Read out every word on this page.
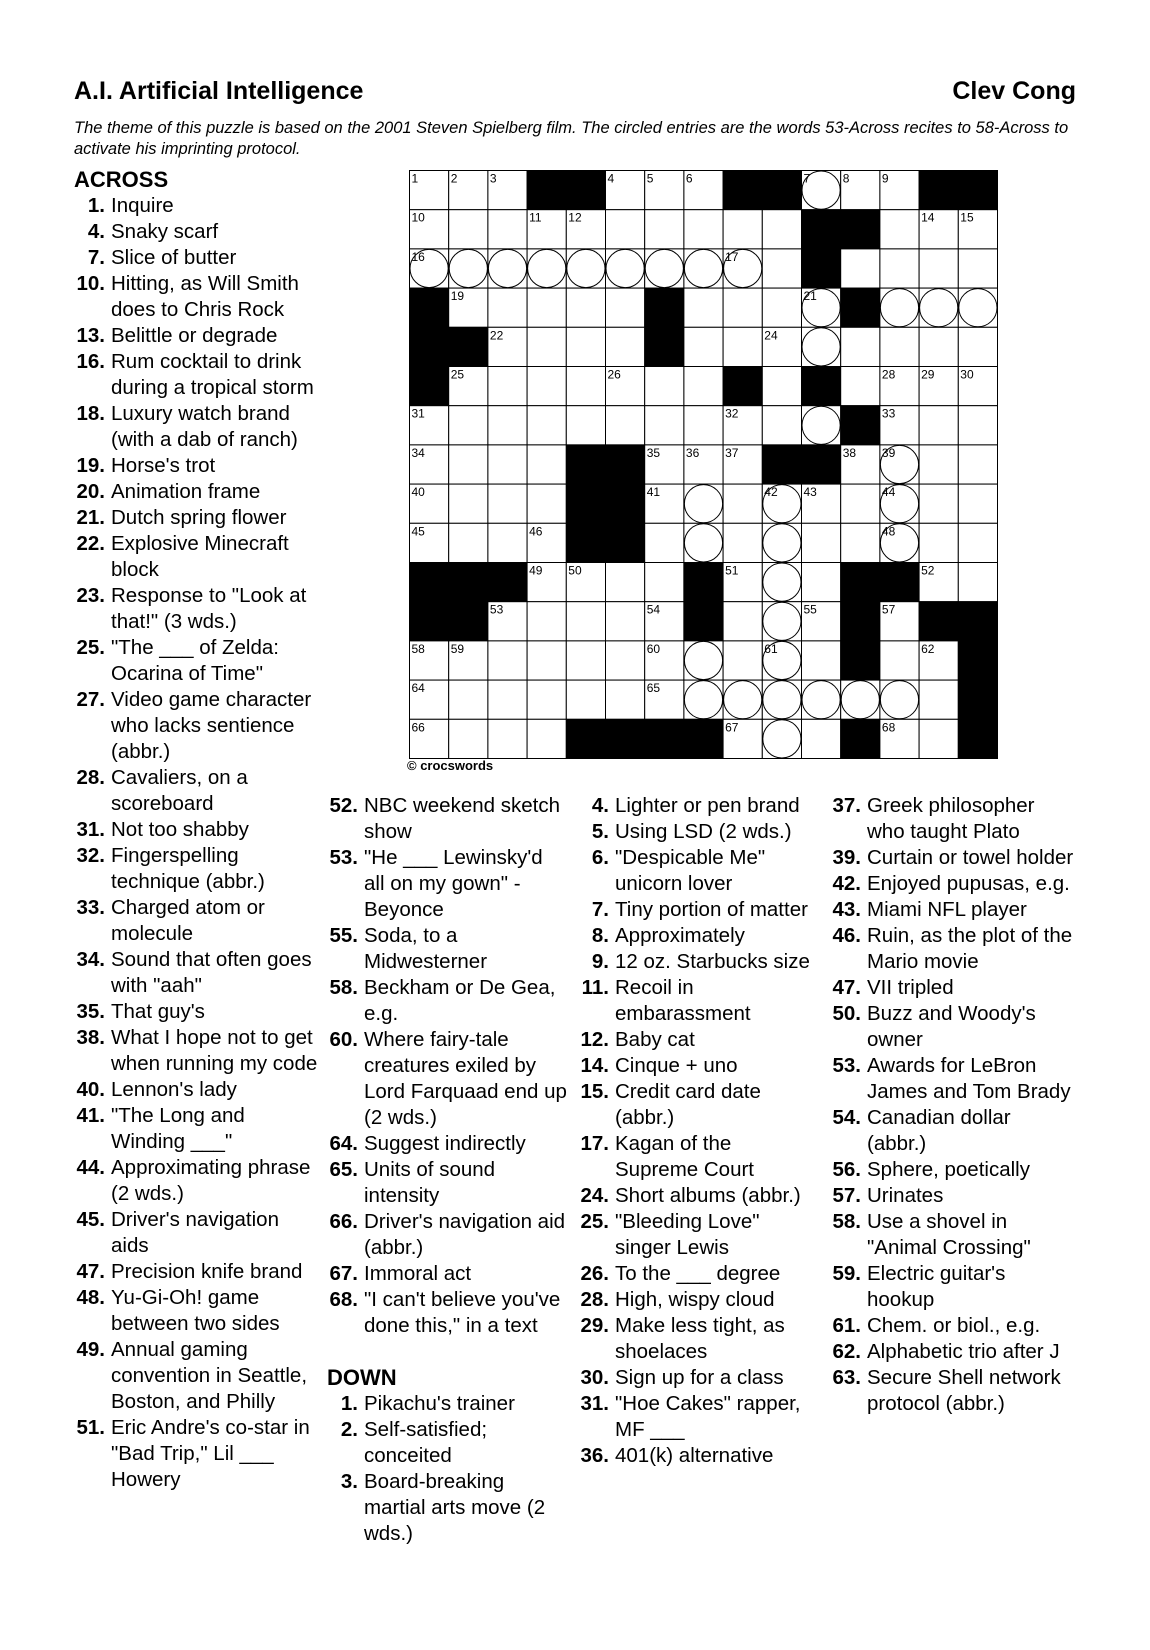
A.I. Artificial Intelligence	Clev Cong
The theme of this puzzle is based on the 2001 Steven Spielberg film. The circled entries are the words 53-Across recites to 58-Across to activate his imprinting protocol.
1	2	3	4	5	6	7	8	9
10	11 12	14 15
16	17
19	21
22	24
25	26	28 29 30
31	32	33
34	35 36 37	38 39
40	41	42 43	44
45	46	48
49 50	51	52
53	54	55	57
58 59	60	61	62
64	65
66	67	68
© crocswords
ACROSS
1. Inquire
4. Snaky scarf
7. Slice of butter
10. Hitting, as Will Smith does to Chris Rock
13. Belittle or degrade
16. Rum cocktail to drink during a tropical storm
18. Luxury watch brand (with a dab of ranch)
19. Horse's trot
20. Animation frame
21. Dutch spring flower
22. Explosive Minecraft block
23. Response to "Look at that!" (3 wds.)
25. "The ___ of Zelda: Ocarina of Time"
27. Video game character who lacks sentience (abbr.)
28. Cavaliers, on a scoreboard
31. Not too shabby
32. Fingerspelling technique (abbr.)
33. Charged atom or molecule
34. Sound that often goes with "aah"
35. That guy's
38. What I hope not to get when running my code
40. Lennon's lady
41. "The Long and Winding ___"
44. Approximating phrase (2 wds.)
45. Driver's navigation aids
47. Precision knife brand
48. Yu-Gi-Oh! game between two sides
49. Annual gaming convention in Seattle, Boston, and Philly
51. Eric Andre's co-star in "Bad Trip," Lil ___ Howery
52. NBC weekend sketch show
53. "He ___ Lewinsky'd all on my gown" - Beyonce
55. Soda, to a Midwesterner
58. Beckham or De Gea, e.g.
60. Where fairy-tale creatures exiled by Lord Farquaad end up (2 wds.)
64. Suggest indirectly
65. Units of sound intensity
66. Driver's navigation aid (abbr.)
67. Immoral act
68. "I can't believe you've done this," in a text
DOWN
1. Pikachu's trainer
2. Self-satisfied; conceited
3. Board-breaking martial arts move (2 wds.)
4. Lighter or pen brand
5. Using LSD (2 wds.)
6. "Despicable Me" unicorn lover
7. Tiny portion of matter
8. Approximately
9. 12 oz. Starbucks size
11. Recoil in embarassment
12. Baby cat
14. Cinque + uno
15. Credit card date (abbr.)
17. Kagan of the Supreme Court
24. Short albums (abbr.)
25. "Bleeding Love" singer Lewis
26. To the ___ degree
28. High, wispy cloud
29. Make less tight, as shoelaces
30. Sign up for a class
31. "Hoe Cakes" rapper, MF ___
36. 401(k) alternative
37. Greek philosopher who taught Plato
39. Curtain or towel holder
42. Enjoyed pupusas, e.g.
43. Miami NFL player
46. Ruin, as the plot of the Mario movie
47. VII tripled
50. Buzz and Woody's owner
53. Awards for LeBron James and Tom Brady
54. Canadian dollar (abbr.)
56. Sphere, poetically
57. Urinates
58. Use a shovel in "Animal Crossing"
59. Electric guitar's hookup
61. Chem. or biol., e.g.
62. Alphabetic trio after J
63. Secure Shell network protocol (abbr.)
